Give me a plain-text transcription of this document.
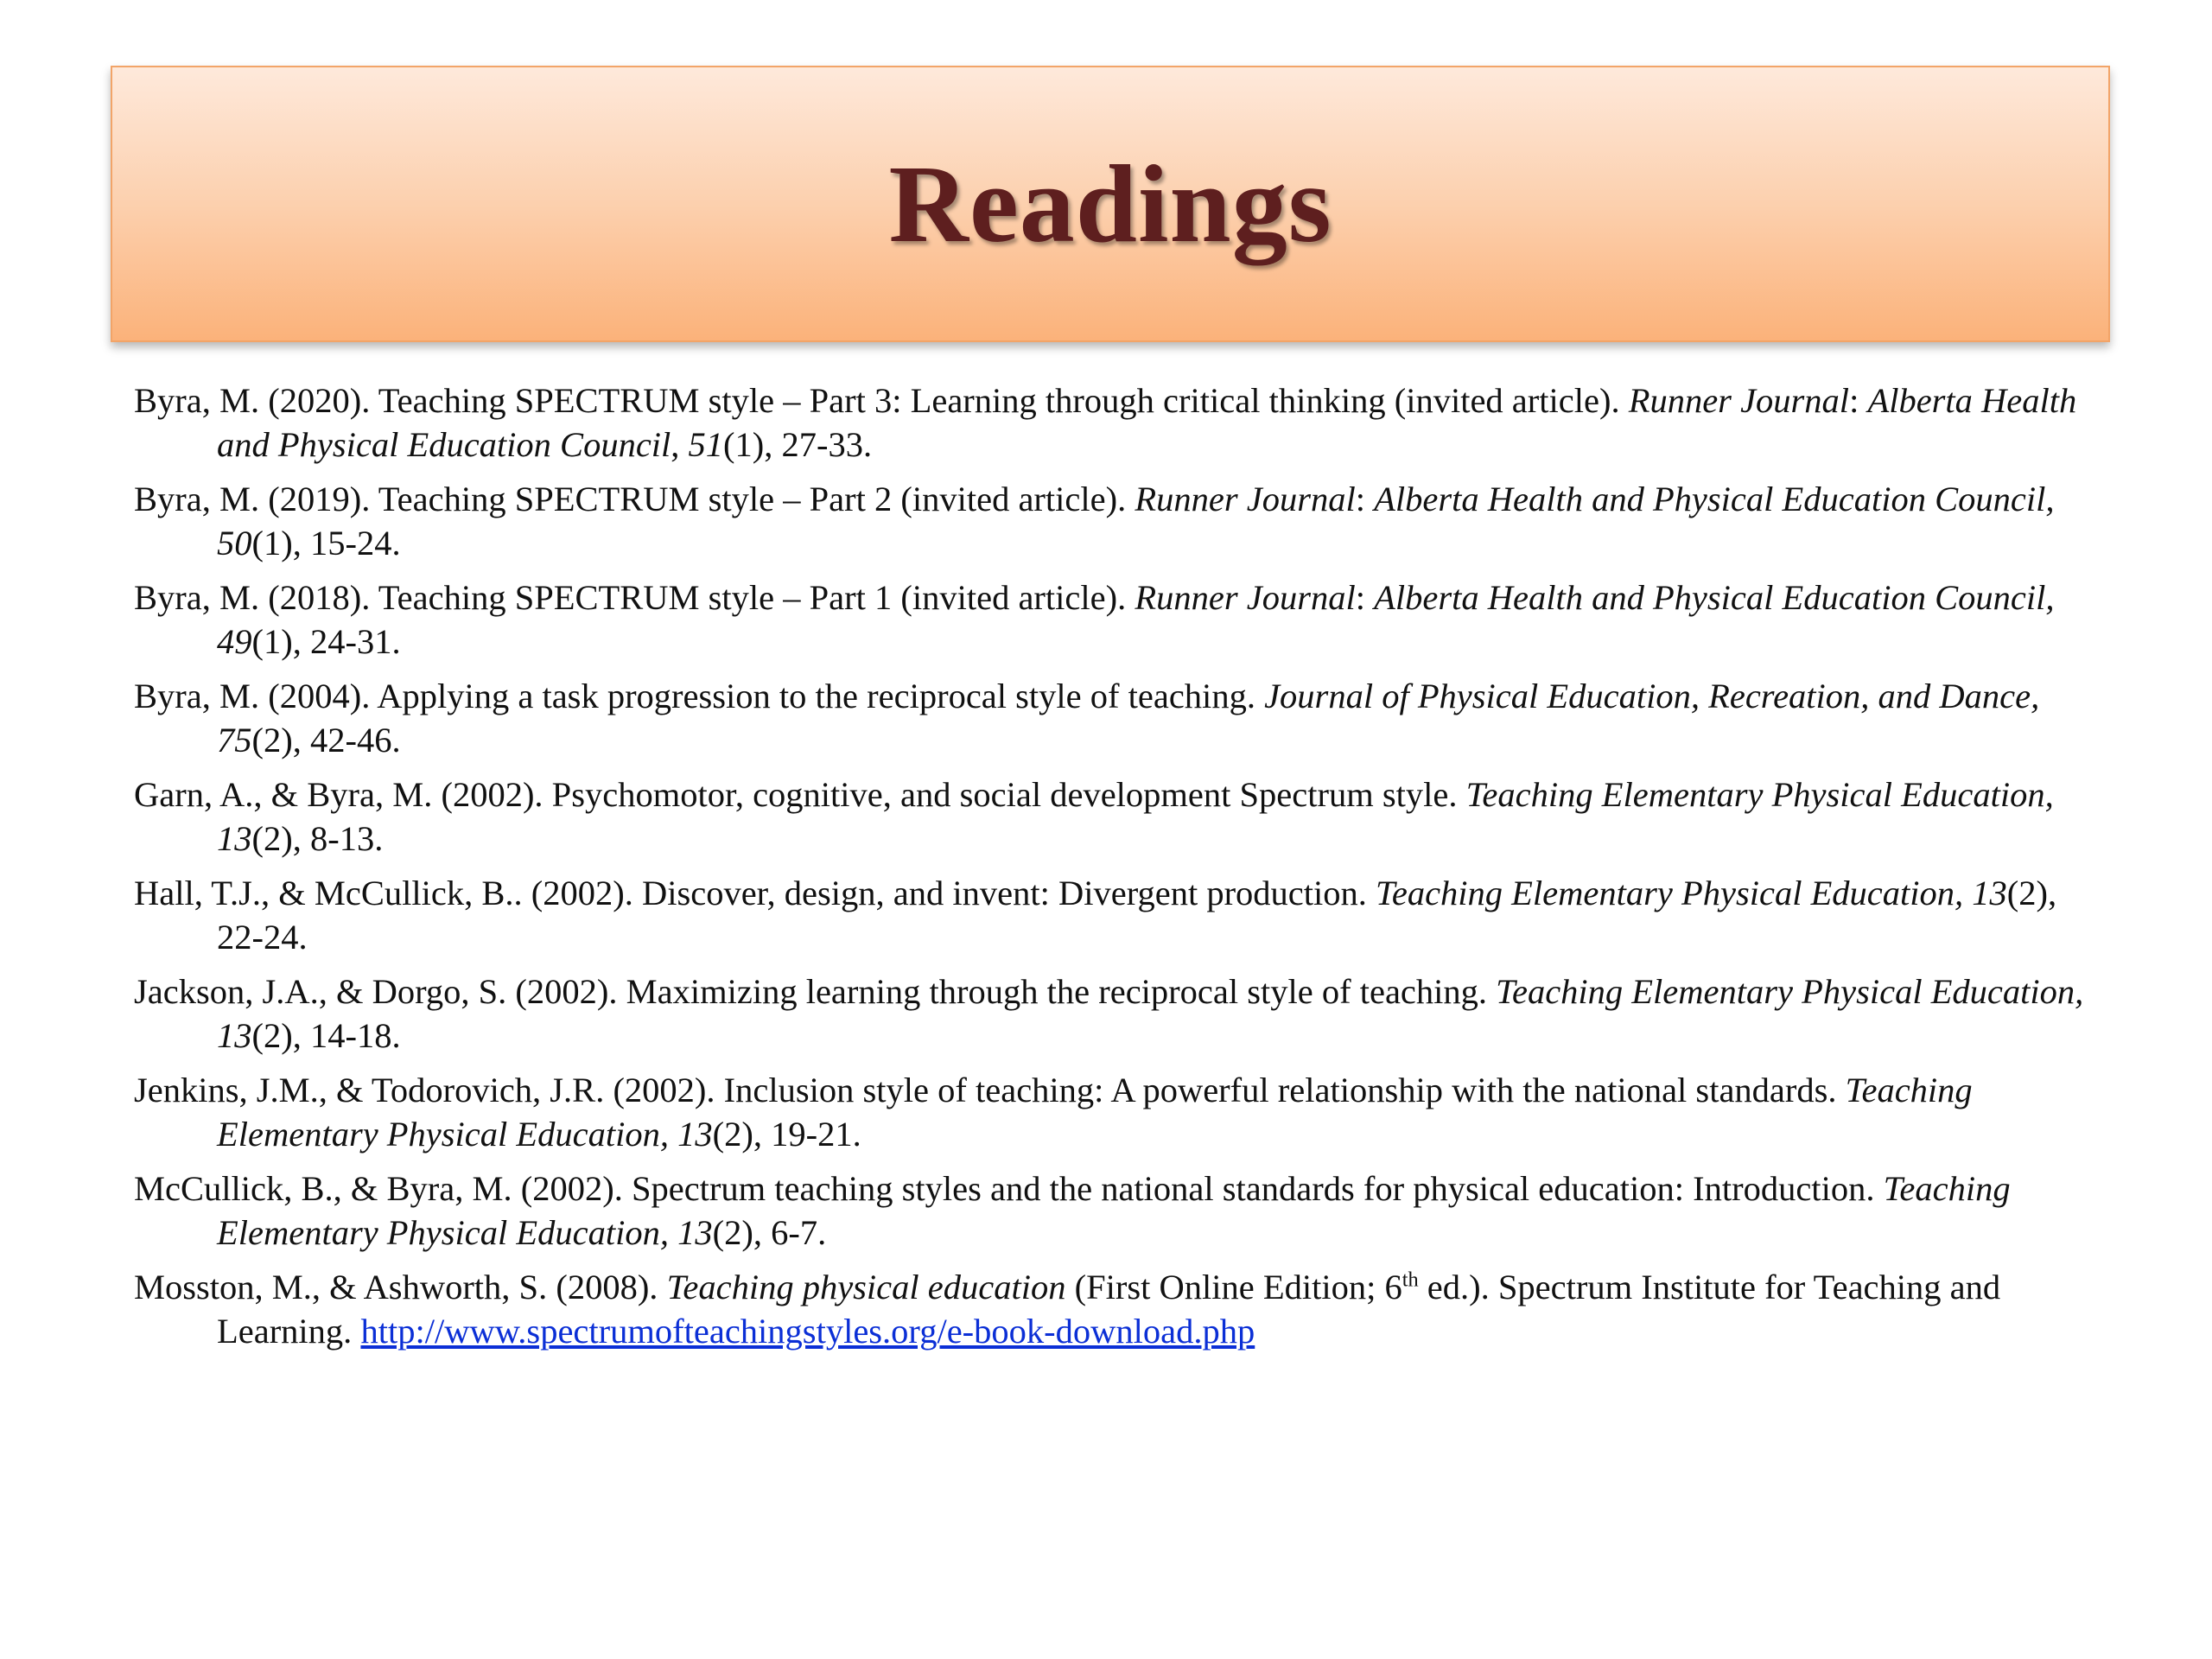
Readings
Byra, M. (2020). Teaching SPECTRUM style – Part 3: Learning through critical thinking (invited article). Runner Journal: Alberta Health and Physical Education Council, 51(1), 27-33.
Byra, M. (2019). Teaching SPECTRUM style – Part 2 (invited article). Runner Journal: Alberta Health and Physical Education Council, 50(1), 15-24.
Byra, M. (2018). Teaching SPECTRUM style – Part 1 (invited article). Runner Journal: Alberta Health and Physical Education Council, 49(1), 24-31.
Byra, M. (2004). Applying a task progression to the reciprocal style of teaching. Journal of Physical Education, Recreation, and Dance, 75(2), 42-46.
Garn, A., & Byra, M. (2002). Psychomotor, cognitive, and social development Spectrum style. Teaching Elementary Physical Education, 13(2), 8-13.
Hall, T.J., & McCullick, B.. (2002). Discover, design, and invent: Divergent production. Teaching Elementary Physical Education, 13(2), 22-24.
Jackson, J.A., & Dorgo, S. (2002). Maximizing learning through the reciprocal style of teaching. Teaching Elementary Physical Education, 13(2), 14-18.
Jenkins, J.M., & Todorovich, J.R. (2002). Inclusion style of teaching: A powerful relationship with the national standards. Teaching Elementary Physical Education, 13(2), 19-21.
McCullick, B., & Byra, M. (2002). Spectrum teaching styles and the national standards for physical education: Introduction. Teaching Elementary Physical Education, 13(2), 6-7.
Mosston, M., & Ashworth, S. (2008). Teaching physical education (First Online Edition; 6th ed.). Spectrum Institute for Teaching and Learning. http://www.spectrumofteachingstyles.org/e-book-download.php
